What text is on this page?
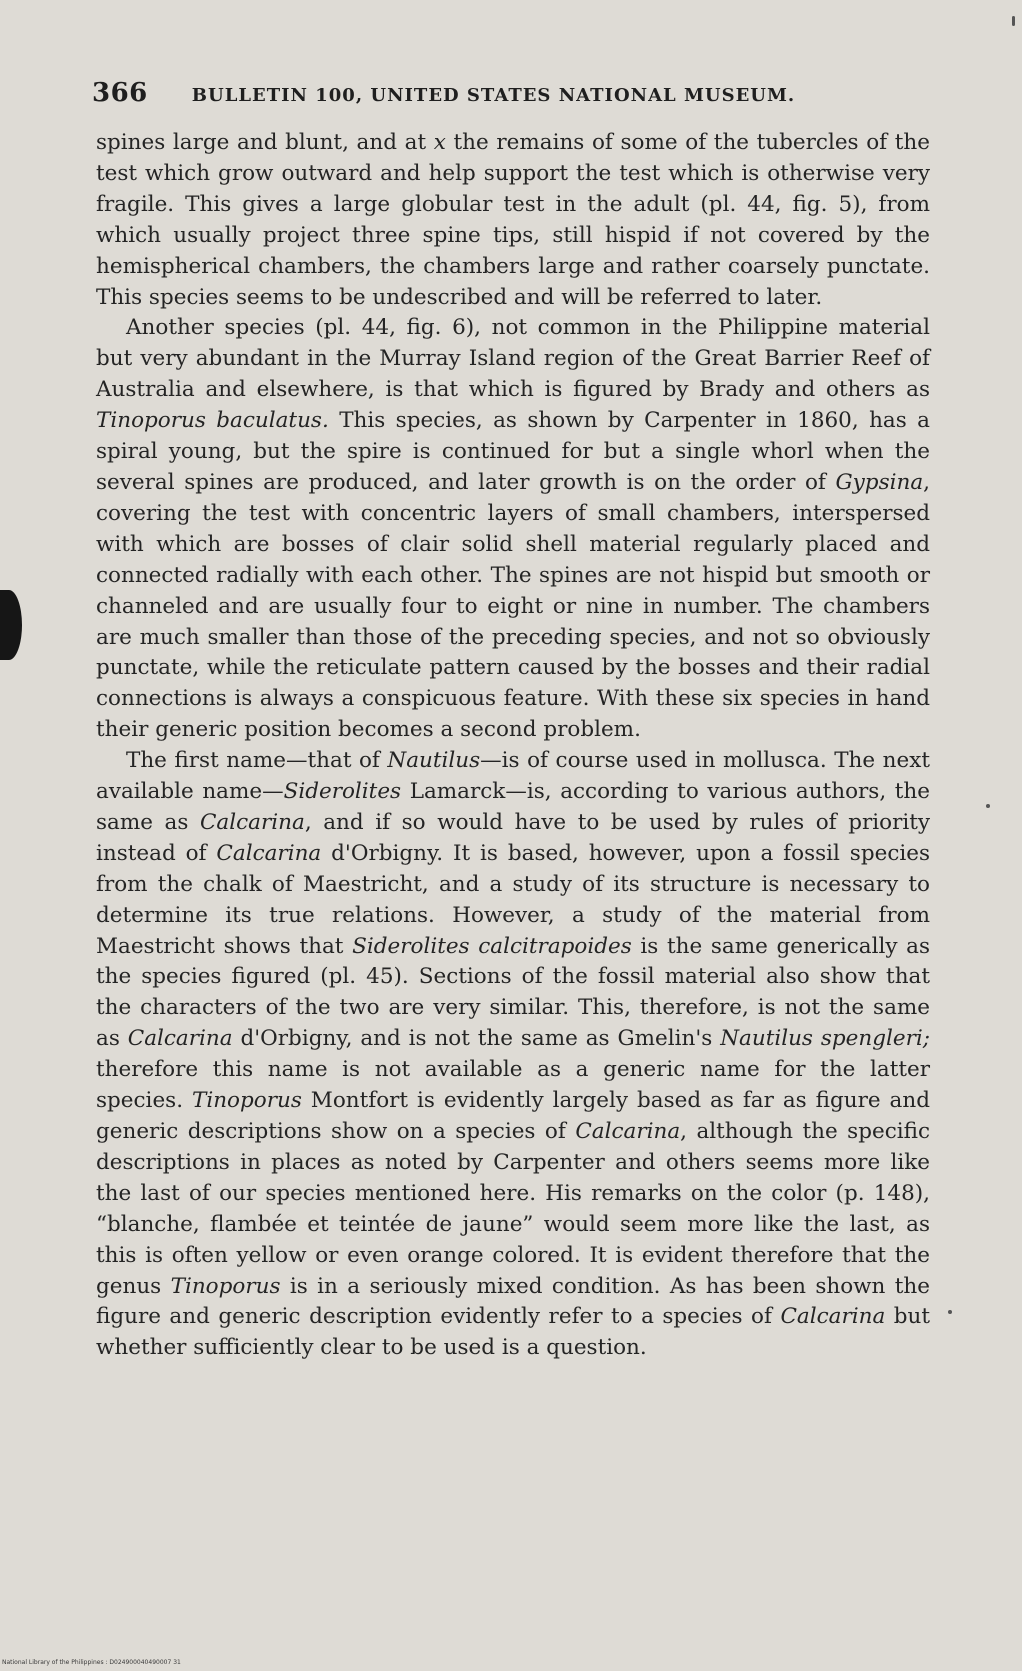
366 BULLETIN 100, UNITED STATES NATIONAL MUSEUM.

spines large and blunt, and at x the remains of some of the tubercles of the test which grow outward and help support the test which is otherwise very fragile. This gives a large globular test in the adult (pl. 44, fig. 5), from which usually project three spine tips, still hispid if not covered by the hemispherical chambers, the chambers large and rather coarsely punctate. This species seems to be undescribed and will be referred to later.

Another species (pl. 44, fig. 6), not common in the Philippine material but very abundant in the Murray Island region of the Great Barrier Reef of Australia and elsewhere, is that which is figured by Brady and others as Tinoporus baculatus. This species, as shown by Carpenter in 1860, has a spiral young, but the spire is continued for but a single whorl when the several spines are produced, and later growth is on the order of Gypsina, covering the test with concentric layers of small chambers, interspersed with which are bosses of clair solid shell material regularly placed and connected radially with each other. The spines are not hispid but smooth or channeled and are usually four to eight or nine in number. The chambers are much smaller than those of the preceding species, and not so obviously punctate, while the reticulate pattern caused by the bosses and their radial connections is always a conspicuous feature. With these six species in hand their generic position becomes a second problem.

The first name—that of Nautilus—is of course used in mollusca. The next available name—Siderolites Lamarck—is, according to various authors, the same as Calcarina, and if so would have to be used by rules of priority instead of Calcarina d'Orbigny. It is based, however, upon a fossil species from the chalk of Maestricht, and a study of its structure is necessary to determine its true relations. However, a study of the material from Maestricht shows that Siderolites calcitrapoides is the same generically as the species figured (pl. 45). Sections of the fossil material also show that the characters of the two are very similar. This, therefore, is not the same as Calcarina d'Orbigny, and is not the same as Gmelin's Nautilus spengleri; therefore this name is not available as a generic name for the latter species. Tinoporus Montfort is evidently largely based as far as figure and generic descriptions show on a species of Calcarina, although the specific descriptions in places as noted by Carpenter and others seems more like the last of our species mentioned here. His remarks on the color (p. 148), “blanche, flambée et teintée de jaune” would seem more like the last, as this is often yellow or even orange colored. It is evident therefore that the genus Tinoporus is in a seriously mixed condition. As has been shown the figure and generic description evidently refer to a species of Calcarina but whether sufficiently clear to be used is a question.

National Library of the Philippines : D024900040490007 31
